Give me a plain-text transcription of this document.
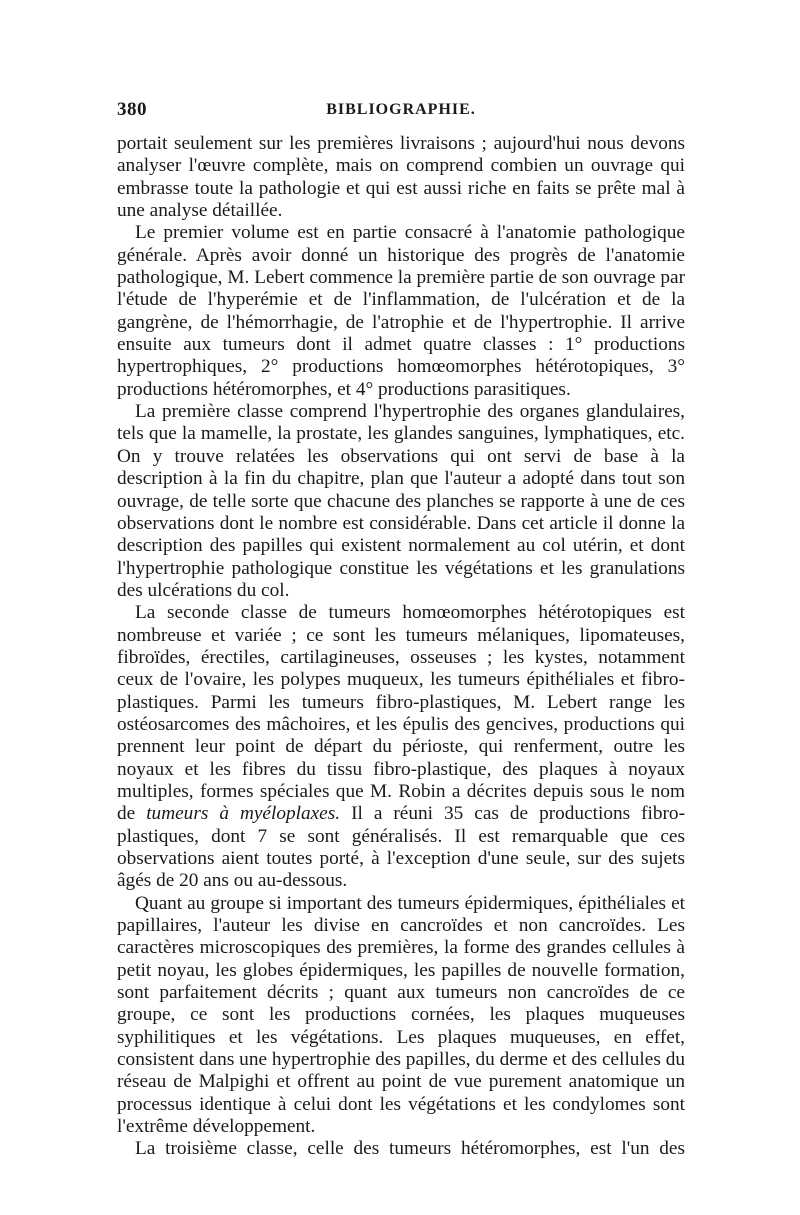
380	BIBLIOGRAPHIE.

portait seulement sur les premières livraisons ; aujourd'hui nous devons analyser l'œuvre complète, mais on comprend combien un ouvrage qui embrasse toute la pathologie et qui est aussi riche en faits se prête mal à une analyse détaillée.

Le premier volume est en partie consacré à l'anatomie pathologique générale. Après avoir donné un historique des progrès de l'anatomie pathologique, M. Lebert commence la première partie de son ouvrage par l'étude de l'hyperémie et de l'inflammation, de l'ulcération et de la gangrène, de l'hémorrhagie, de l'atrophie et de l'hypertrophie. Il arrive ensuite aux tumeurs dont il admet quatre classes : 1° productions hypertrophiques, 2° productions homœomorphes hétérotopiques, 3° productions hétéromorphes, et 4° productions parasitiques.

La première classe comprend l'hypertrophie des organes glandulaires, tels que la mamelle, la prostate, les glandes sanguines, lymphatiques, etc. On y trouve relatées les observations qui ont servi de base à la description à la fin du chapitre, plan que l'auteur a adopté dans tout son ouvrage, de telle sorte que chacune des planches se rapporte à une de ces observations dont le nombre est considérable. Dans cet article il donne la description des papilles qui existent normalement au col utérin, et dont l'hypertrophie pathologique constitue les végétations et les granulations des ulcérations du col.

La seconde classe de tumeurs homœomorphes hétérotopiques est nombreuse et variée ; ce sont les tumeurs mélaniques, lipomateuses, fibroïdes, érectiles, cartilagineuses, osseuses ; les kystes, notamment ceux de l'ovaire, les polypes muqueux, les tumeurs épithéliales et fibro-plastiques. Parmi les tumeurs fibro-plastiques, M. Lebert range les ostéosarcomes des mâchoires, et les épulis des gencives, productions qui prennent leur point de départ du périoste, qui renferment, outre les noyaux et les fibres du tissu fibro-plastique, des plaques à noyaux multiples, formes spéciales que M. Robin a décrites depuis sous le nom de tumeurs à myéloplaxes. Il a réuni 35 cas de productions fibro-plastiques, dont 7 se sont généralisés. Il est remarquable que ces observations aient toutes porté, à l'exception d'une seule, sur des sujets âgés de 20 ans ou au-dessous.

Quant au groupe si important des tumeurs épidermiques, épithéliales et papillaires, l'auteur les divise en cancroïdes et non cancroïdes. Les caractères microscopiques des premières, la forme des grandes cellules à petit noyau, les globes épidermiques, les papilles de nouvelle formation, sont parfaitement décrits ; quant aux tumeurs non cancroïdes de ce groupe, ce sont les productions cornées, les plaques muqueuses syphilitiques et les végétations. Les plaques muqueuses, en effet, consistent dans une hypertrophie des papilles, du derme et des cellules du réseau de Malpighi et offrent au point de vue purement anatomique un processus identique à celui dont les végétations et les condylomes sont l'extrême développement.

La troisième classe, celle des tumeurs hétéromorphes, est l'un des
